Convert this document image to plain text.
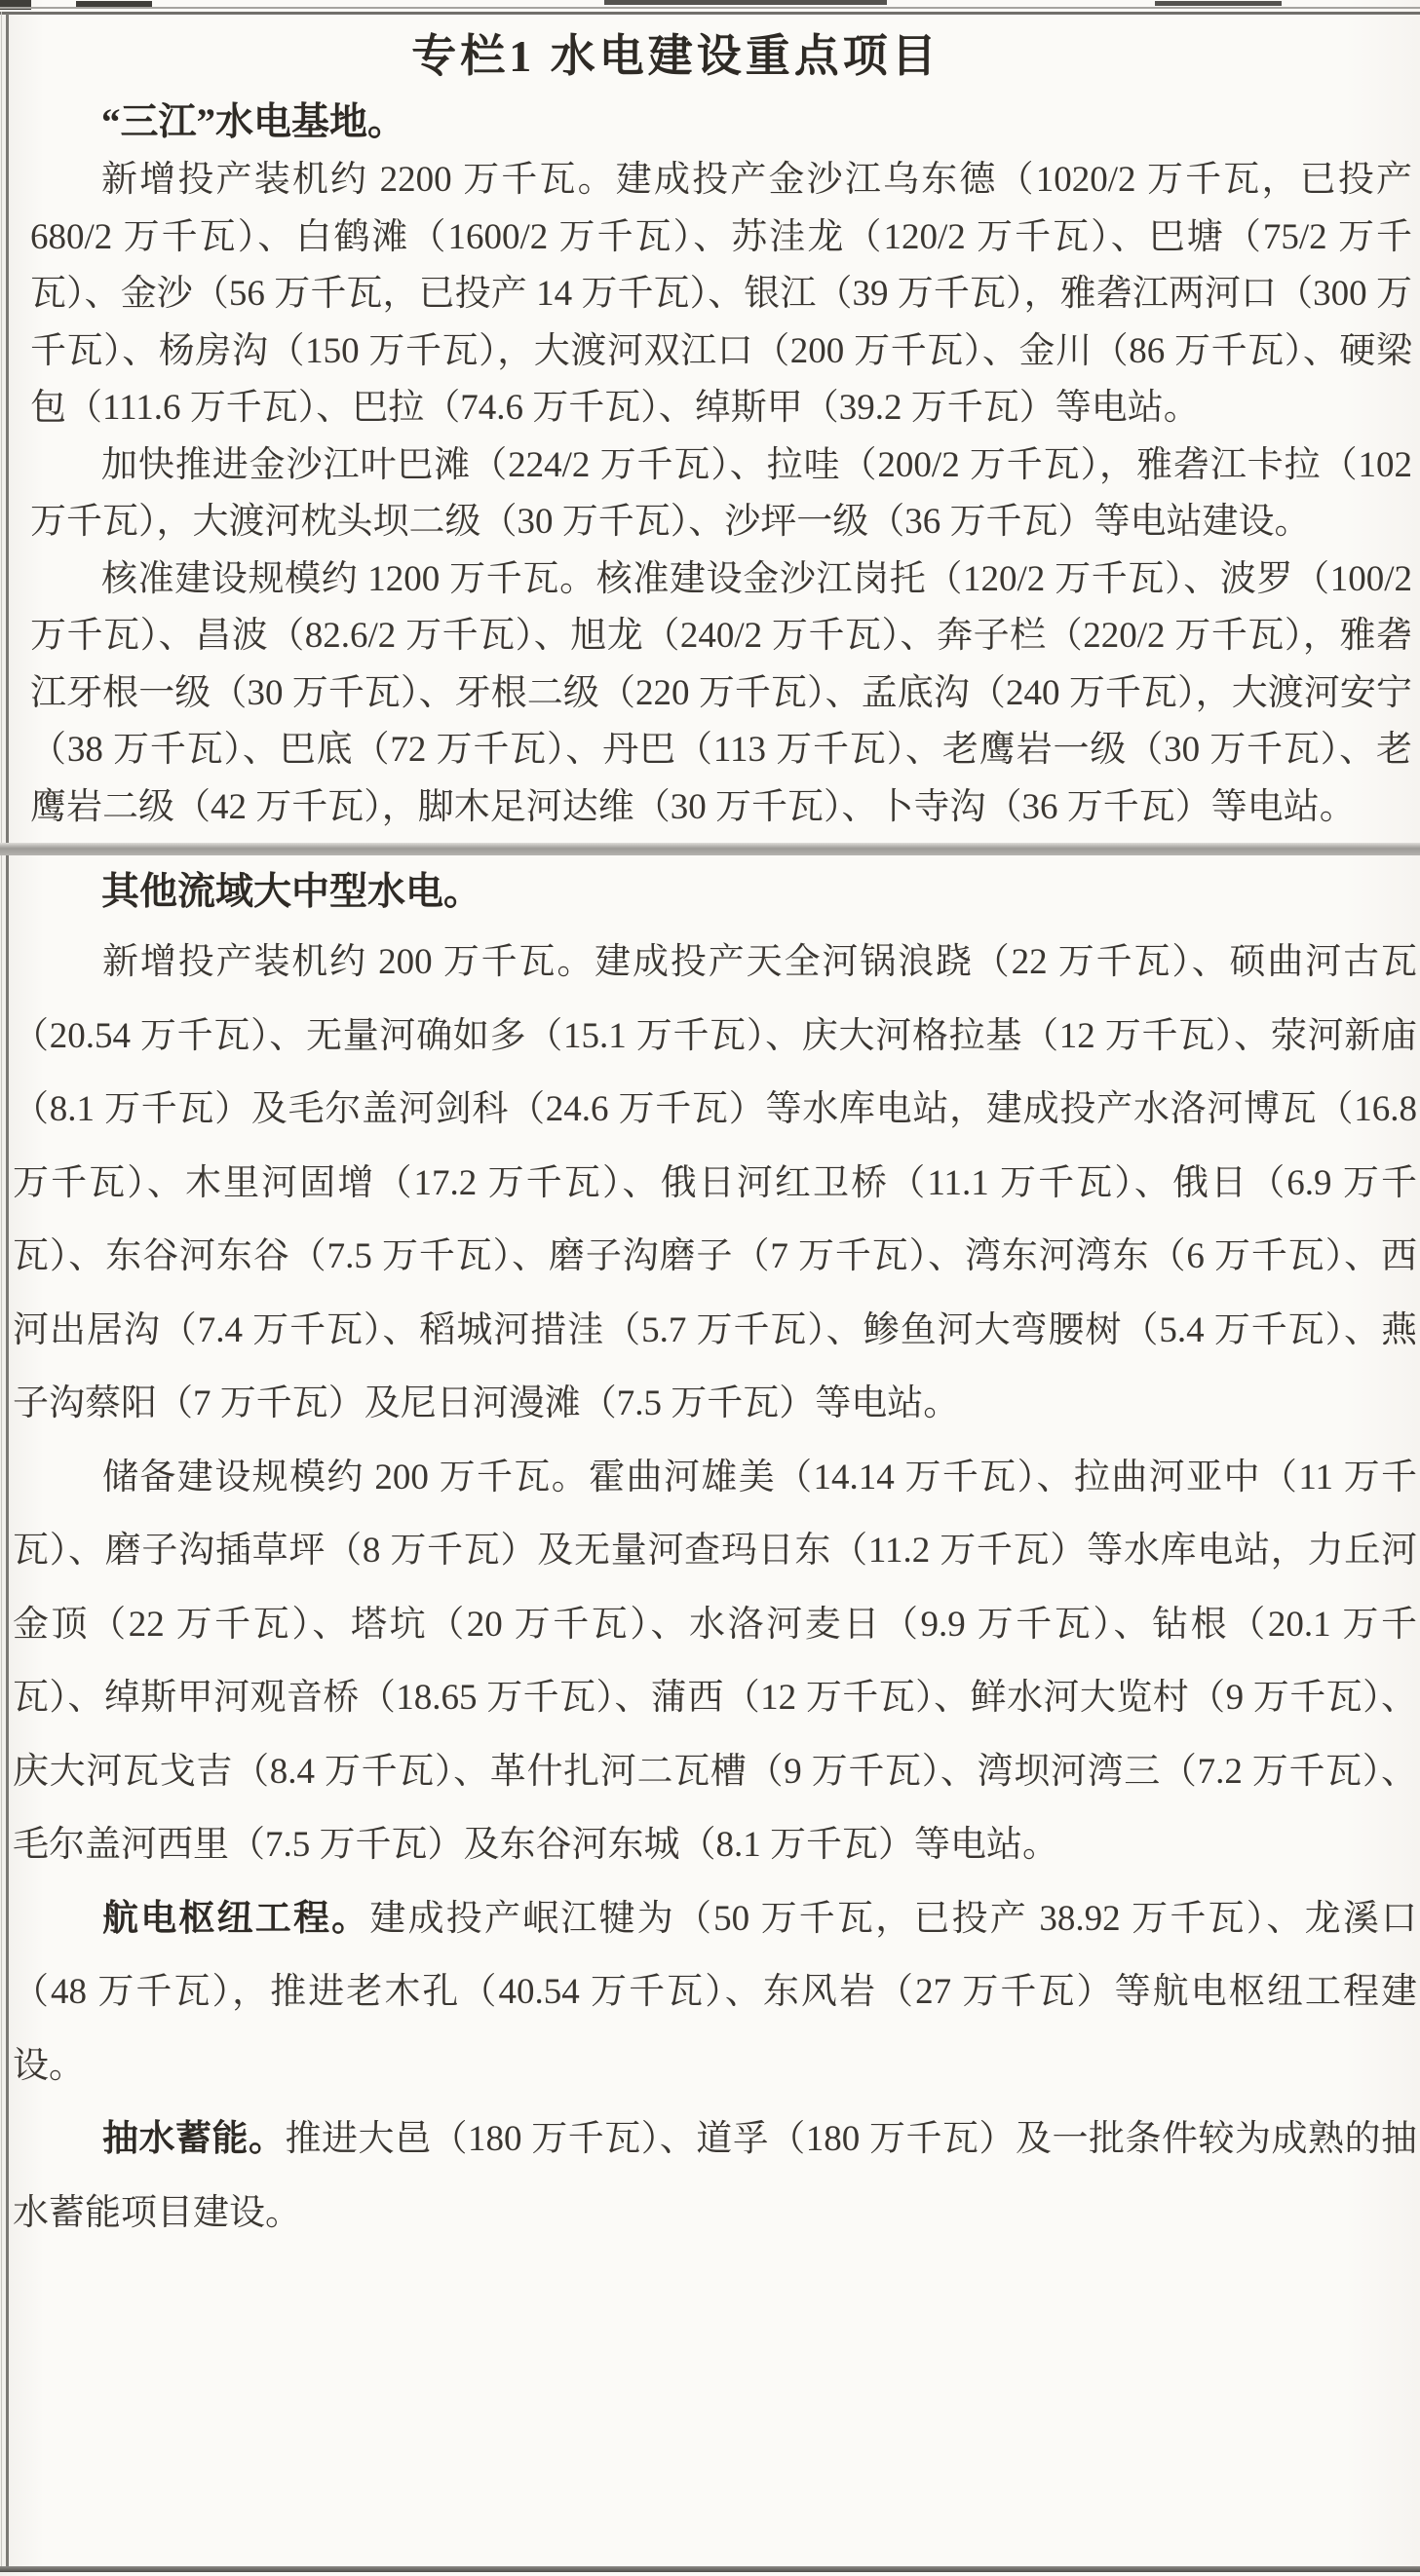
专栏1 水电建设重点项目
“三江”水电基地。

新增投产装机约 2200 万千瓦。建成投产金沙江乌东德（1020/2 万千瓦，已投产 680/2 万千瓦）、白鹤滩（1600/2 万千瓦）、苏洼龙（120/2 万千瓦）、巴塘（75/2 万千瓦）、金沙（56 万千瓦，已投产 14 万千瓦）、银江（39 万千瓦），雅砻江两河口（300 万千瓦）、杨房沟（150 万千瓦），大渡河双江口（200 万千瓦）、金川（86 万千瓦）、硬梁包（111.6 万千瓦）、巴拉（74.6 万千瓦）、绰斯甲（39.2 万千瓦）等电站。

加快推进金沙江叶巴滩（224/2 万千瓦）、拉哇（200/2 万千瓦），雅砻江卡拉（102 万千瓦），大渡河枕头坝二级（30 万千瓦）、沙坪一级（36 万千瓦）等电站建设。

核准建设规模约 1200 万千瓦。核准建设金沙江岗托（120/2 万千瓦）、波罗（100/2 万千瓦）、昌波（82.6/2 万千瓦）、旭龙（240/2 万千瓦）、奔子栏（220/2 万千瓦），雅砻江牙根一级（30 万千瓦）、牙根二级（220 万千瓦）、孟底沟（240 万千瓦），大渡河安宁（38 万千瓦）、巴底（72 万千瓦）、丹巴（113 万千瓦）、老鹰岩一级（30 万千瓦）、老鹰岩二级（42 万千瓦），脚木足河达维（30 万千瓦）、卜寺沟（36 万千瓦）等电站。

其他流域大中型水电。

新增投产装机约 200 万千瓦。建成投产天全河锅浪跷（22 万千瓦）、硕曲河古瓦（20.54 万千瓦）、无量河确如多（15.1 万千瓦）、庆大河格拉基（12 万千瓦）、荥河新庙（8.1 万千瓦）及毛尔盖河剑科（24.6 万千瓦）等水库电站，建成投产水洛河博瓦（16.8 万千瓦）、木里河固增（17.2 万千瓦）、俄日河红卫桥（11.1 万千瓦）、俄日（6.9 万千瓦）、东谷河东谷（7.5 万千瓦）、磨子沟磨子（7 万千瓦）、湾东河湾东（6 万千瓦）、西河出居沟（7.4 万千瓦）、稻城河措洼（5.7 万千瓦）、鲹鱼河大弯腰树（5.4 万千瓦）、燕子沟蔡阳（7 万千瓦）及尼日河漫滩（7.5 万千瓦）等电站。

储备建设规模约 200 万千瓦。霍曲河雄美（14.14 万千瓦）、拉曲河亚中（11 万千瓦）、磨子沟插草坪（8 万千瓦）及无量河查玛日东（11.2 万千瓦）等水库电站，力丘河金顶（22 万千瓦）、塔坑（20 万千瓦）、水洛河麦日（9.9 万千瓦）、钻根（20.1 万千瓦）、绰斯甲河观音桥（18.65 万千瓦）、蒲西（12 万千瓦）、鲜水河大览村（9 万千瓦）、庆大河瓦戈吉（8.4 万千瓦）、革什扎河二瓦槽（9 万千瓦）、湾坝河湾三（7.2 万千瓦）、毛尔盖河西里（7.5 万千瓦）及东谷河东城（8.1 万千瓦）等电站。

航电枢纽工程。建成投产岷江犍为（50 万千瓦，已投产 38.92 万千瓦）、龙溪口（48 万千瓦），推进老木孔（40.54 万千瓦）、东风岩（27 万千瓦）等航电枢纽工程建设。

抽水蓄能。推进大邑（180 万千瓦）、道孚（180 万千瓦）及一批条件较为成熟的抽水蓄能项目建设。
